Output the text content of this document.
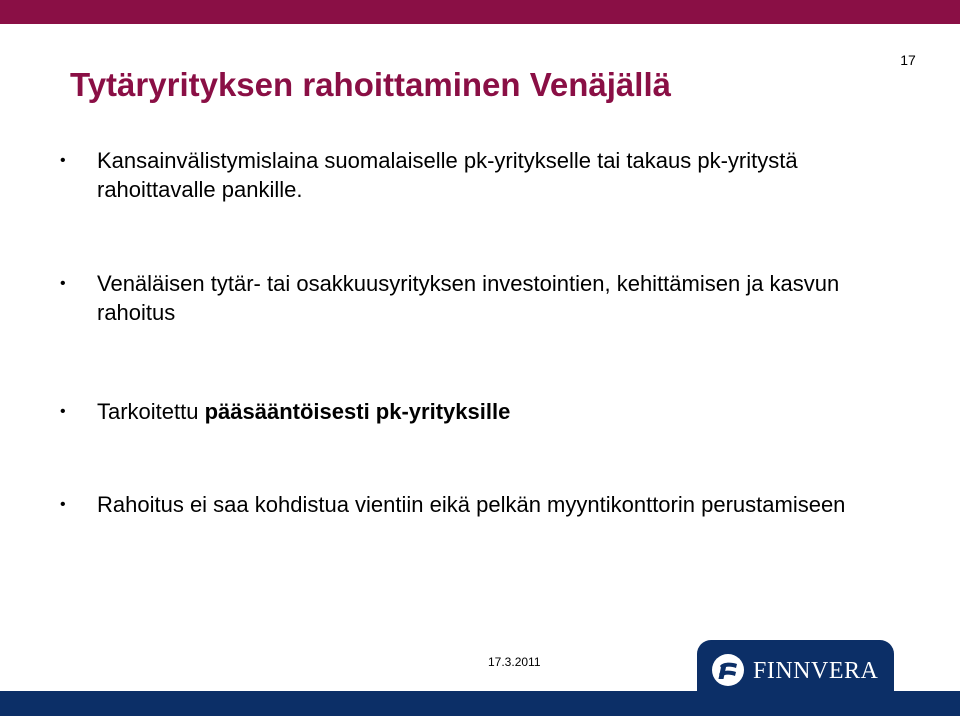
17
Tytäryrityksen rahoittaminen Venäjällä
• Kansainvälistymislaina suomalaiselle pk-yritykselle tai takaus pk-yritystä rahoittavalle pankille.
• Venäläisen tytär- tai osakkuusyrityksen investointien, kehittämisen ja kasvun rahoitus
• Tarkoitettu pääsääntöisesti pk-yrityksille
• Rahoitus ei saa kohdistua vientiin eikä pelkän myyntikonttorin perustamiseen
17.3.2011	FINNVERA
